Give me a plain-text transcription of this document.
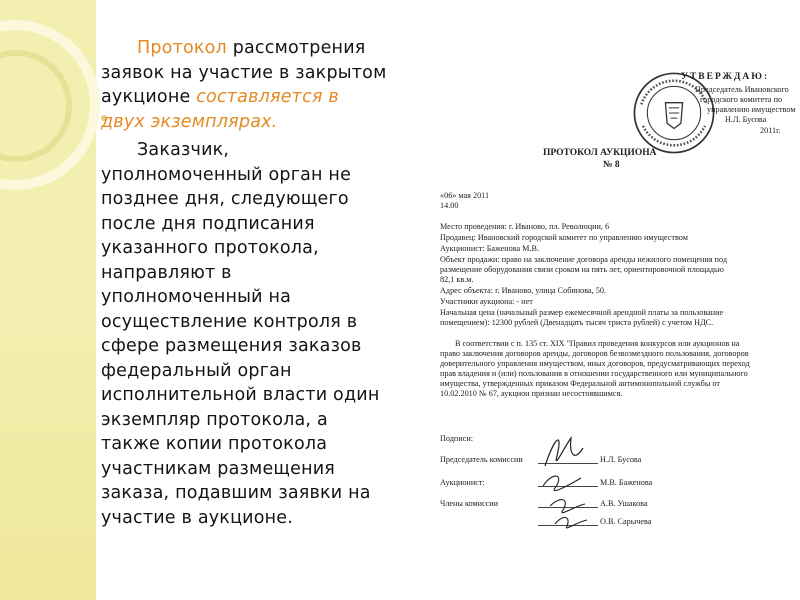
Протокол рассмотрения

заявок на участие в закрытом

аукционе составляется в

двух экземплярах.

Заказчик,

уполномоченный орган не

позднее дня, следующего

после дня подписания

указанного протокола,

направляют в

уполномоченный на

осуществление контроля в

сфере размещения заказов

федеральный орган

исполнительной власти один

экземпляр протокола, а

также копии протокола

участникам размещения

заказа, подавшим заявки на

участие в аукционе.

УТВЕРЖДАЮ:
Председатель Ивановского
городского комитета по
управлению имуществом
Н.Л. Бусова
2011г.
ПРОТОКОЛ АУКЦИОНА
№ 8
«06» мая 2011
14.00
Место проведения: г. Иваново, пл. Революции, 6
Продавец: Ивановский городской комитет по управлению имуществом
Аукционист: Баженова М.В.
Объект продажи: право на заключение договора аренды нежилого помещения под
размещение оборудования связи сроком на пять лет, ориентировочной площадью
82,1 кв.м.
Адрес объекта: г. Иваново, улица Собинова, 50.
Участники аукциона: - нет
Начальная цена (начальный размер ежемесячной арендной платы за пользование
помещением): 12300 рублей (Двенадцать тысяч триста рублей) с учетом НДС.
В соответствии с п. 135 ст. XIX "Правил проведения конкурсов или аукционов на
право заключения договоров аренды, договоров безвозмездного пользования, договоров
доверительного управления имуществом, иных договоров, предусматривающих переход
прав владения и (или) пользования в отношении государственного или муниципального
имущества, утвержденных приказом Федеральной антимонопольной службы от
10.02.2010 № 67, аукцион признан несостоявшимся.
Подписи:
Председатель комиссии	Н.Л. Бусова
Аукционист:	М.В. Баженова
Члены комиссии	А.В. Ушакова
О.В. Сарычева
